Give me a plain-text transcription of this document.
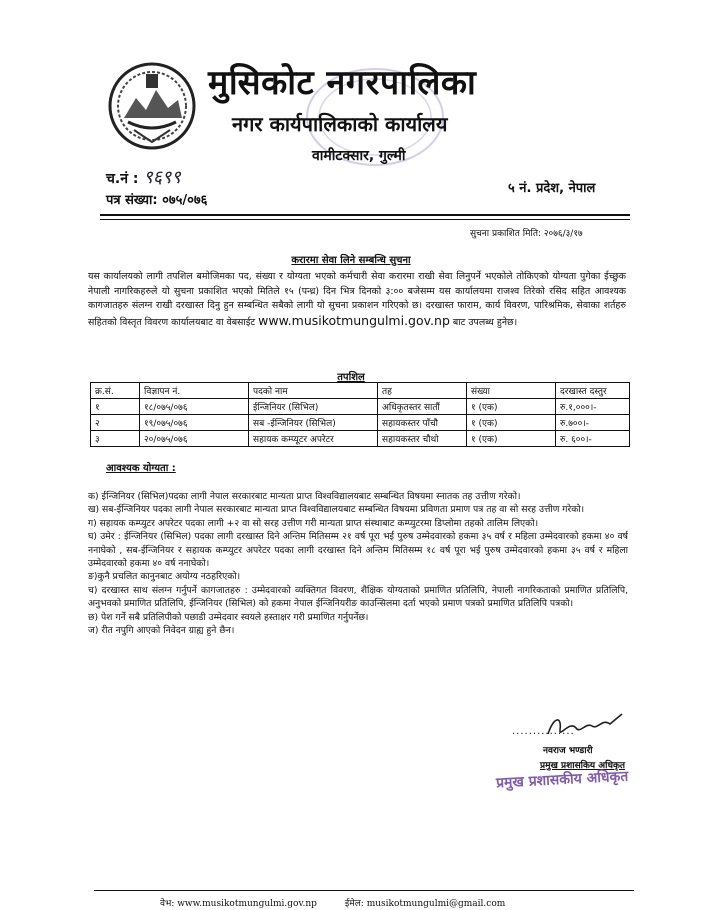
मुसिकोट नगरपालिका
नगर कार्यपालिकाको कार्यालय
वामीटक्सार, गुल्मी
च.नं : ९६९९
पत्र संख्या: ०७५/०७६
५ नं. प्रदेश, नेपाल
सुचना प्रकाशित मिति: २०७६/३/१७
करारमा सेवा लिने सम्बन्धि सुचना
यस कार्यालयको लागी तपशिल बमोजिमका पद, संख्या र योग्यता भएको कर्मचारी सेवा करारमा राखी सेवा लिनुपर्ने भएकोले तोकिएको योग्यता पुगेका ईच्छुक नेपाली नागरिकहरुले यो सुचना प्रकाशित भएको मितिले १५ (पन्ध्र) दिन भित्र दिनको ३:०० बजेसम्म यस कार्यालयमा राजश्व तिरेको रसिद सहित आवश्यक कागजातहरु संलग्न राखी दरखास्त दिनु हुन सम्बन्धित सबैको लागी यो सुचना प्रकाशन गरिएको छ। दरखास्त फाराम, कार्य विवरण, पारिश्रमिक, सेवाका शर्तहरु सहितको विस्तृत विवरण कार्यालयबाट वा वेबसाईट www.musikotmungulmi.gov.np बाट उपलब्ध हुनेछ।
तपशिल
क्र.सं.	विज्ञापन नं.	पदको नाम	तह	संख्या	दरखास्त दस्तुर
१	१८/०७५/०७६	ईन्जिनियर (सिभिल)	अधिकृतस्तर सातौं	१ (एक)	रु.१,०००।-
२	१९/०७५/०७६	सब -ईन्जिनियर (सिभिल)	सहायकस्तर पाँचौ	१ (एक)	रु.७००।-
३	२०/०७५/०७६	सहायक कम्प्यूटर अपरेटर	सहायकस्तर चौथो	१ (एक)	रु. ६००।-
आवश्यक योग्यता :

क) ईन्जिनियर (सिभिल)पदका लागी नेपाल सरकारबाट मान्यता प्राप्त विश्वविद्यालयबाट सम्बन्धित विषयमा स्नातक तह उत्तीण गरेको।

ख) सब-ईन्जिनियर पदका लागी नेपाल सरकारबाट मान्यता प्राप्त विश्वविद्यालयबाट सम्बन्धित विषयमा प्रविणता प्रमाण पत्र तह वा सो सरह उत्तीण गरेको।

ग) सहायक कम्प्युटर अपरेटर पदका लागी +२ वा सो सरह उत्तीण गरी मान्यता प्राप्त संस्थाबाट कम्प्युटरमा डिप्लोमा तहको तालिम लिएको।

घ) उमेर : ईन्जिनियर (सिभिल) पदका लागी दरखास्त दिने अन्तिम मितिसम्म २१ वर्ष पूरा भई पुरुष उम्मेदवारको हकमा ३५ वर्ष र महिला उम्मेदवारको हकमा ४० वर्ष ननाघेको , सब-ईन्जिनियर र सहायक कम्प्युटर अपरेटर पदका लागी दरखास्त दिने अन्तिम मितिसम्म १८ वर्ष पूरा भई पुरुष उम्मेदवारको हकमा ३५ वर्ष र महिला उम्मेदवारको हकमा ४० वर्ष ननाघेको।

ङ)कुनै प्रचलित कानुनबाट अयोग्य नठहरिएको।

च) दरखास्त साथ संलग्न गर्नुपर्ने कागजातहरु : उम्मेदवारको व्यक्तिगत विवरण, शैक्षिक योग्यताको प्रमाणित प्रतिलिपि, नेपाली नागरिकताको प्रमाणित प्रतिलिपि, अनुभवको प्रमाणित प्रतिलिपि, ईन्जिनियर (सिभिल) को हकमा नेपाल ईन्जिनियरीङ काउन्सिलमा दर्ता भएको प्रमाण पत्रको प्रमाणित प्रतिलिपि पत्रको।

छ) पेश गर्ने सबै प्रतिलिपीको पछाडी उम्मेदवार स्वयले हस्ताक्षर गरी प्रमाणित गर्नुपर्नेछ।

ज) रीत नपुगि आएको निवेदन ग्राह्य हुने छैन।

...............
नवराज भण्डारी
प्रमुख प्रशासकिय अधिकृत
प्रमुख प्रशासकीय अधिकृत
वेभ: www.musikotmungulmi.gov.np	ईमेल: musikotmungulmi@gmail.com
